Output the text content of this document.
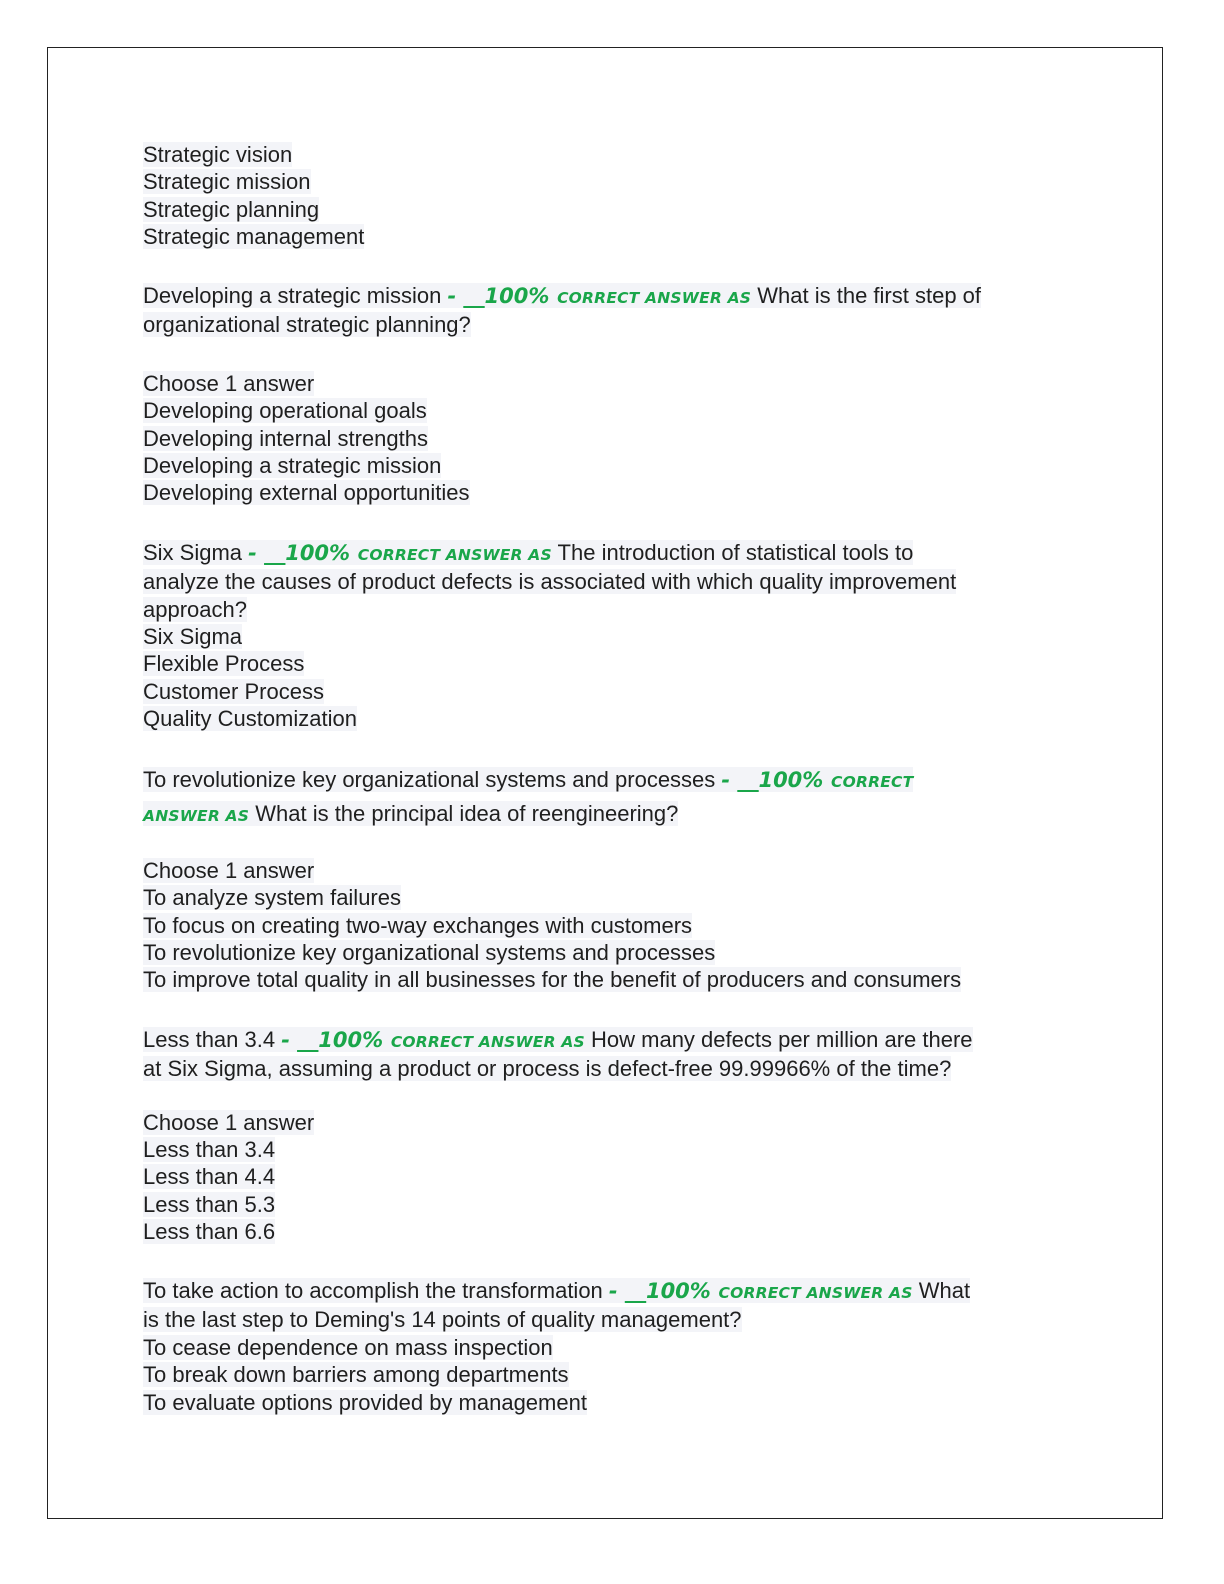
Strategic vision
Strategic mission
Strategic planning
Strategic management
Developing a strategic mission - __100% CORRECT ANSWER AS What is the first step of
organizational strategic planning?
Choose 1 answer
Developing operational goals
Developing internal strengths
Developing a strategic mission
Developing external opportunities
Six Sigma - __100% CORRECT ANSWER AS The introduction of statistical tools to
analyze the causes of product defects is associated with which quality improvement
approach?
Six Sigma
Flexible Process
Customer Process
Quality Customization
To revolutionize key organizational systems and processes - __100% CORRECT
ANSWER AS What is the principal idea of reengineering?
Choose 1 answer
To analyze system failures
To focus on creating two-way exchanges with customers
To revolutionize key organizational systems and processes
To improve total quality in all businesses for the benefit of producers and consumers
Less than 3.4 - __100% CORRECT ANSWER AS How many defects per million are there
at Six Sigma, assuming a product or process is defect-free 99.99966% of the time?
Choose 1 answer
Less than 3.4
Less than 4.4
Less than 5.3
Less than 6.6
To take action to accomplish the transformation - __100% CORRECT ANSWER AS What
is the last step to Deming's 14 points of quality management?
To cease dependence on mass inspection
To break down barriers among departments
To evaluate options provided by management
